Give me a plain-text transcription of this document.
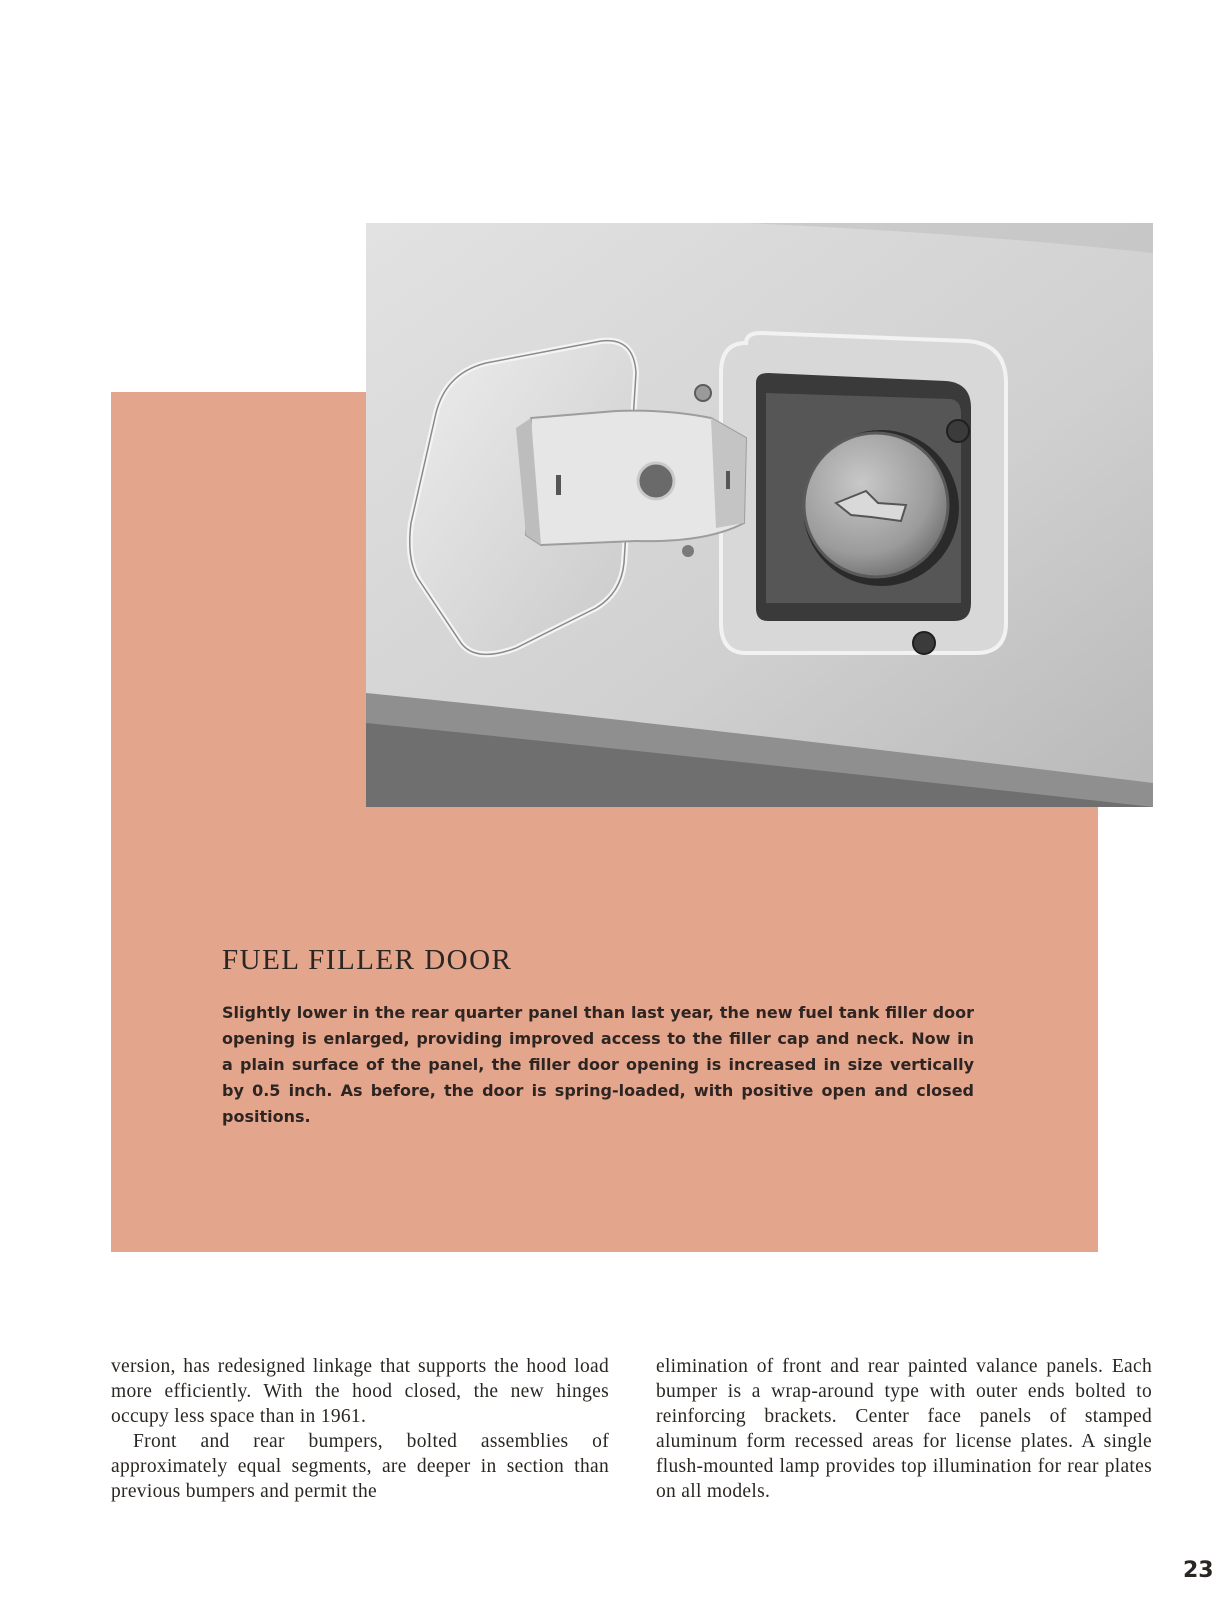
FUEL FILLER DOOR

Slightly lower in the rear quarter panel than last year, the new fuel tank filler door opening is enlarged, providing improved access to the filler cap and neck. Now in a plain surface of the panel, the filler door opening is increased in size vertically by 0.5 inch. As before, the door is spring-loaded, with positive open and closed positions.

version, has redesigned linkage that supports the hood load more efficiently. With the hood closed, the new hinges occupy less space than in 1961.

Front and rear bumpers, bolted assemblies of approximately equal segments, are deeper in section than previous bumpers and permit the

elimination of front and rear painted valance panels. Each bumper is a wrap-around type with outer ends bolted to reinforcing brackets. Center face panels of stamped aluminum form recessed areas for license plates. A single flush-mounted lamp provides top illumination for rear plates on all models.

23
